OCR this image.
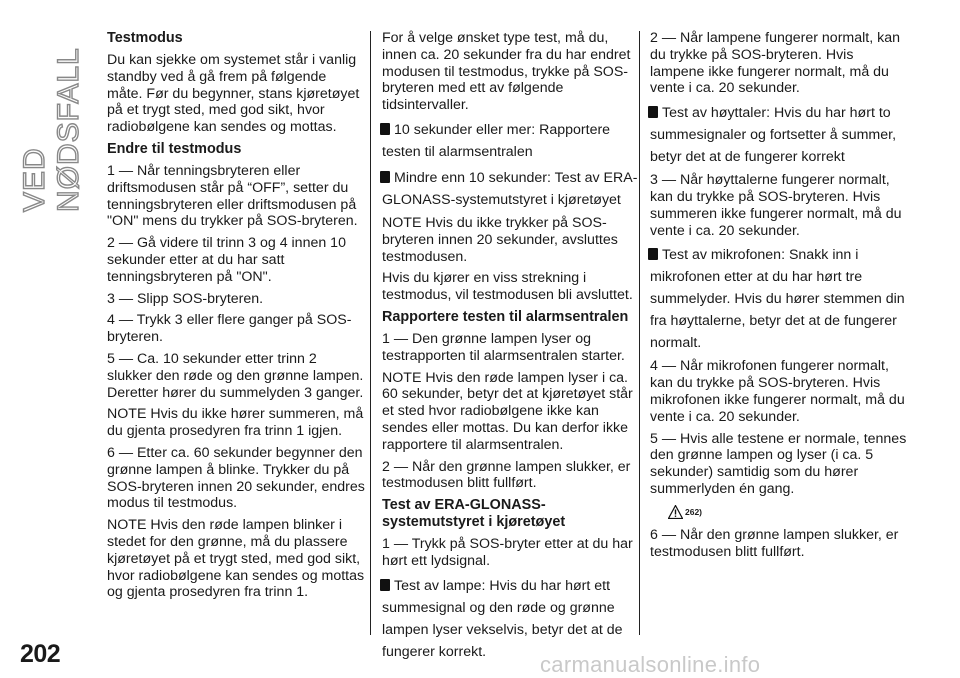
VED NØDSFALL
Testmodus

Du kan sjekke om systemet står i vanlig standby ved å gå frem på følgende måte. Før du begynner, stans kjøretøyet på et trygt sted, med god sikt, hvor radiobølgene kan sendes og mottas.

Endre til testmodus

1 — Når tenningsbryteren eller driftsmodusen står på “OFF”, setter du tenningsbryteren eller driftsmodusen på "ON" mens du trykker på SOS-bryteren.

2 — Gå videre til trinn 3 og 4 innen 10 sekunder etter at du har satt tenningsbryteren på "ON".

3 — Slipp SOS-bryteren.

4 — Trykk 3 eller flere ganger på SOS-bryteren.

5 — Ca. 10 sekunder etter trinn 2 slukker den røde og den grønne lampen. Deretter hører du summelyden 3 ganger.

NOTE Hvis du ikke hører summeren, må du gjenta prosedyren fra trinn 1 igjen.

6 — Etter ca. 60 sekunder begynner den grønne lampen å blinke. Trykker du på SOS-bryteren innen 20 sekunder, endres modus til testmodus.

NOTE Hvis den røde lampen blinker i stedet for den grønne, må du plassere kjøretøyet på et trygt sted, med god sikt, hvor radiobølgene kan sendes og mottas og gjenta prosedyren fra trinn 1.

For å velge ønsket type test, må du, innen ca. 20 sekunder fra du har endret modusen til testmodus, trykke på SOS-bryteren med ett av følgende tidsintervaller.

10 sekunder eller mer: Rapportere testen til alarmsentralen

Mindre enn 10 sekunder: Test av ERA-GLONASS-systemutstyret i kjøretøyet

NOTE Hvis du ikke trykker på SOS-bryteren innen 20 sekunder, avsluttes testmodusen.

Hvis du kjører en viss strekning i testmodus, vil testmodusen bli avsluttet.

Rapportere testen til alarmsentralen

1 — Den grønne lampen lyser og testrapporten til alarmsentralen starter.

NOTE Hvis den røde lampen lyser i ca. 60 sekunder, betyr det at kjøretøyet står et sted hvor radiobølgene ikke kan sendes eller mottas. Du kan derfor ikke rapportere til alarmsentralen.

2 — Når den grønne lampen slukker, er testmodusen blitt fullført.

Test av ERA-GLONASS-systemutstyret i kjøretøyet

1 — Trykk på SOS-bryter etter at du har hørt ett lydsignal.

Test av lampe: Hvis du har hørt ett summesignal og den røde og grønne lampen lyser vekselvis, betyr det at de fungerer korrekt.

2 — Når lampene fungerer normalt, kan du trykke på SOS-bryteren. Hvis lampene ikke fungerer normalt, må du vente i ca. 20 sekunder.

Test av høyttaler: Hvis du har hørt to summesignaler og fortsetter å summer, betyr det at de fungerer korrekt

3 — Når høyttalerne fungerer normalt, kan du trykke på SOS-bryteren. Hvis summeren ikke fungerer normalt, må du vente i ca. 20 sekunder.

Test av mikrofonen: Snakk inn i mikrofonen etter at du har hørt tre summelyder. Hvis du hører stemmen din fra høyttalerne, betyr det at de fungerer normalt.

4 — Når mikrofonen fungerer normalt, kan du trykke på SOS-bryteren. Hvis mikrofonen ikke fungerer normalt, må du vente i ca. 20 sekunder.

5 — Hvis alle testene er normale, tennes den grønne lampen og lyser (i ca. 5 sekunder) samtidig som du hører summerlyden én gang.

262)

6 — Når den grønne lampen slukker, er testmodusen blitt fullført.

202	carmanualsonline.info
